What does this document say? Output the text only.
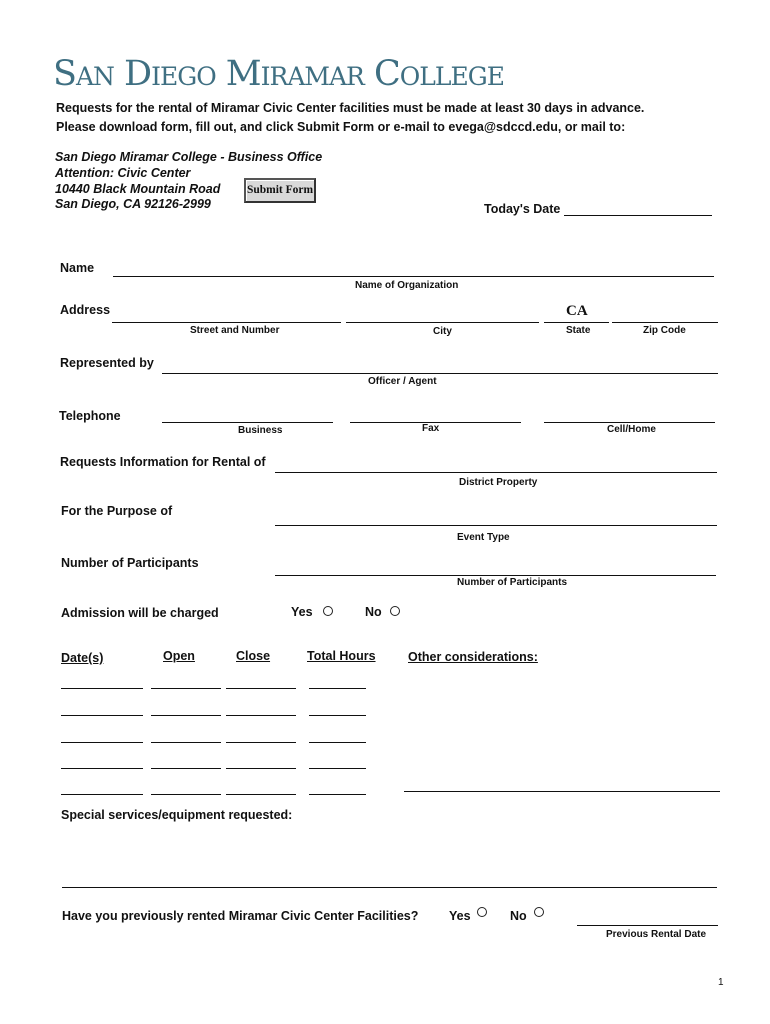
San Diego Miramar College
Requests for the rental of Miramar Civic Center facilities must be made at least 30 days in advance.
Please download form, fill out, and click Submit Form or e-mail to evega@sdccd.edu, or mail to:
San Diego Miramar College - Business Office
Attention: Civic Center
10440 Black Mountain Road
San Diego, CA 92126-2999
Submit Form
Today's Date
Name
Name of Organization
Address	CA
Street and Number	City	State	Zip Code
Represented by
Officer / Agent
Telephone
Business	Fax	Cell/Home
Requests Information for Rental of
District Property
For the Purpose of
Event Type
Number of Participants
Number of Participants
Admission will be charged	Yes	No
Date(s)	Open	Close	Total Hours	Other considerations:
Special services/equipment requested:
Have you previously rented Miramar Civic Center Facilities? Yes	No
Previous Rental Date
1
